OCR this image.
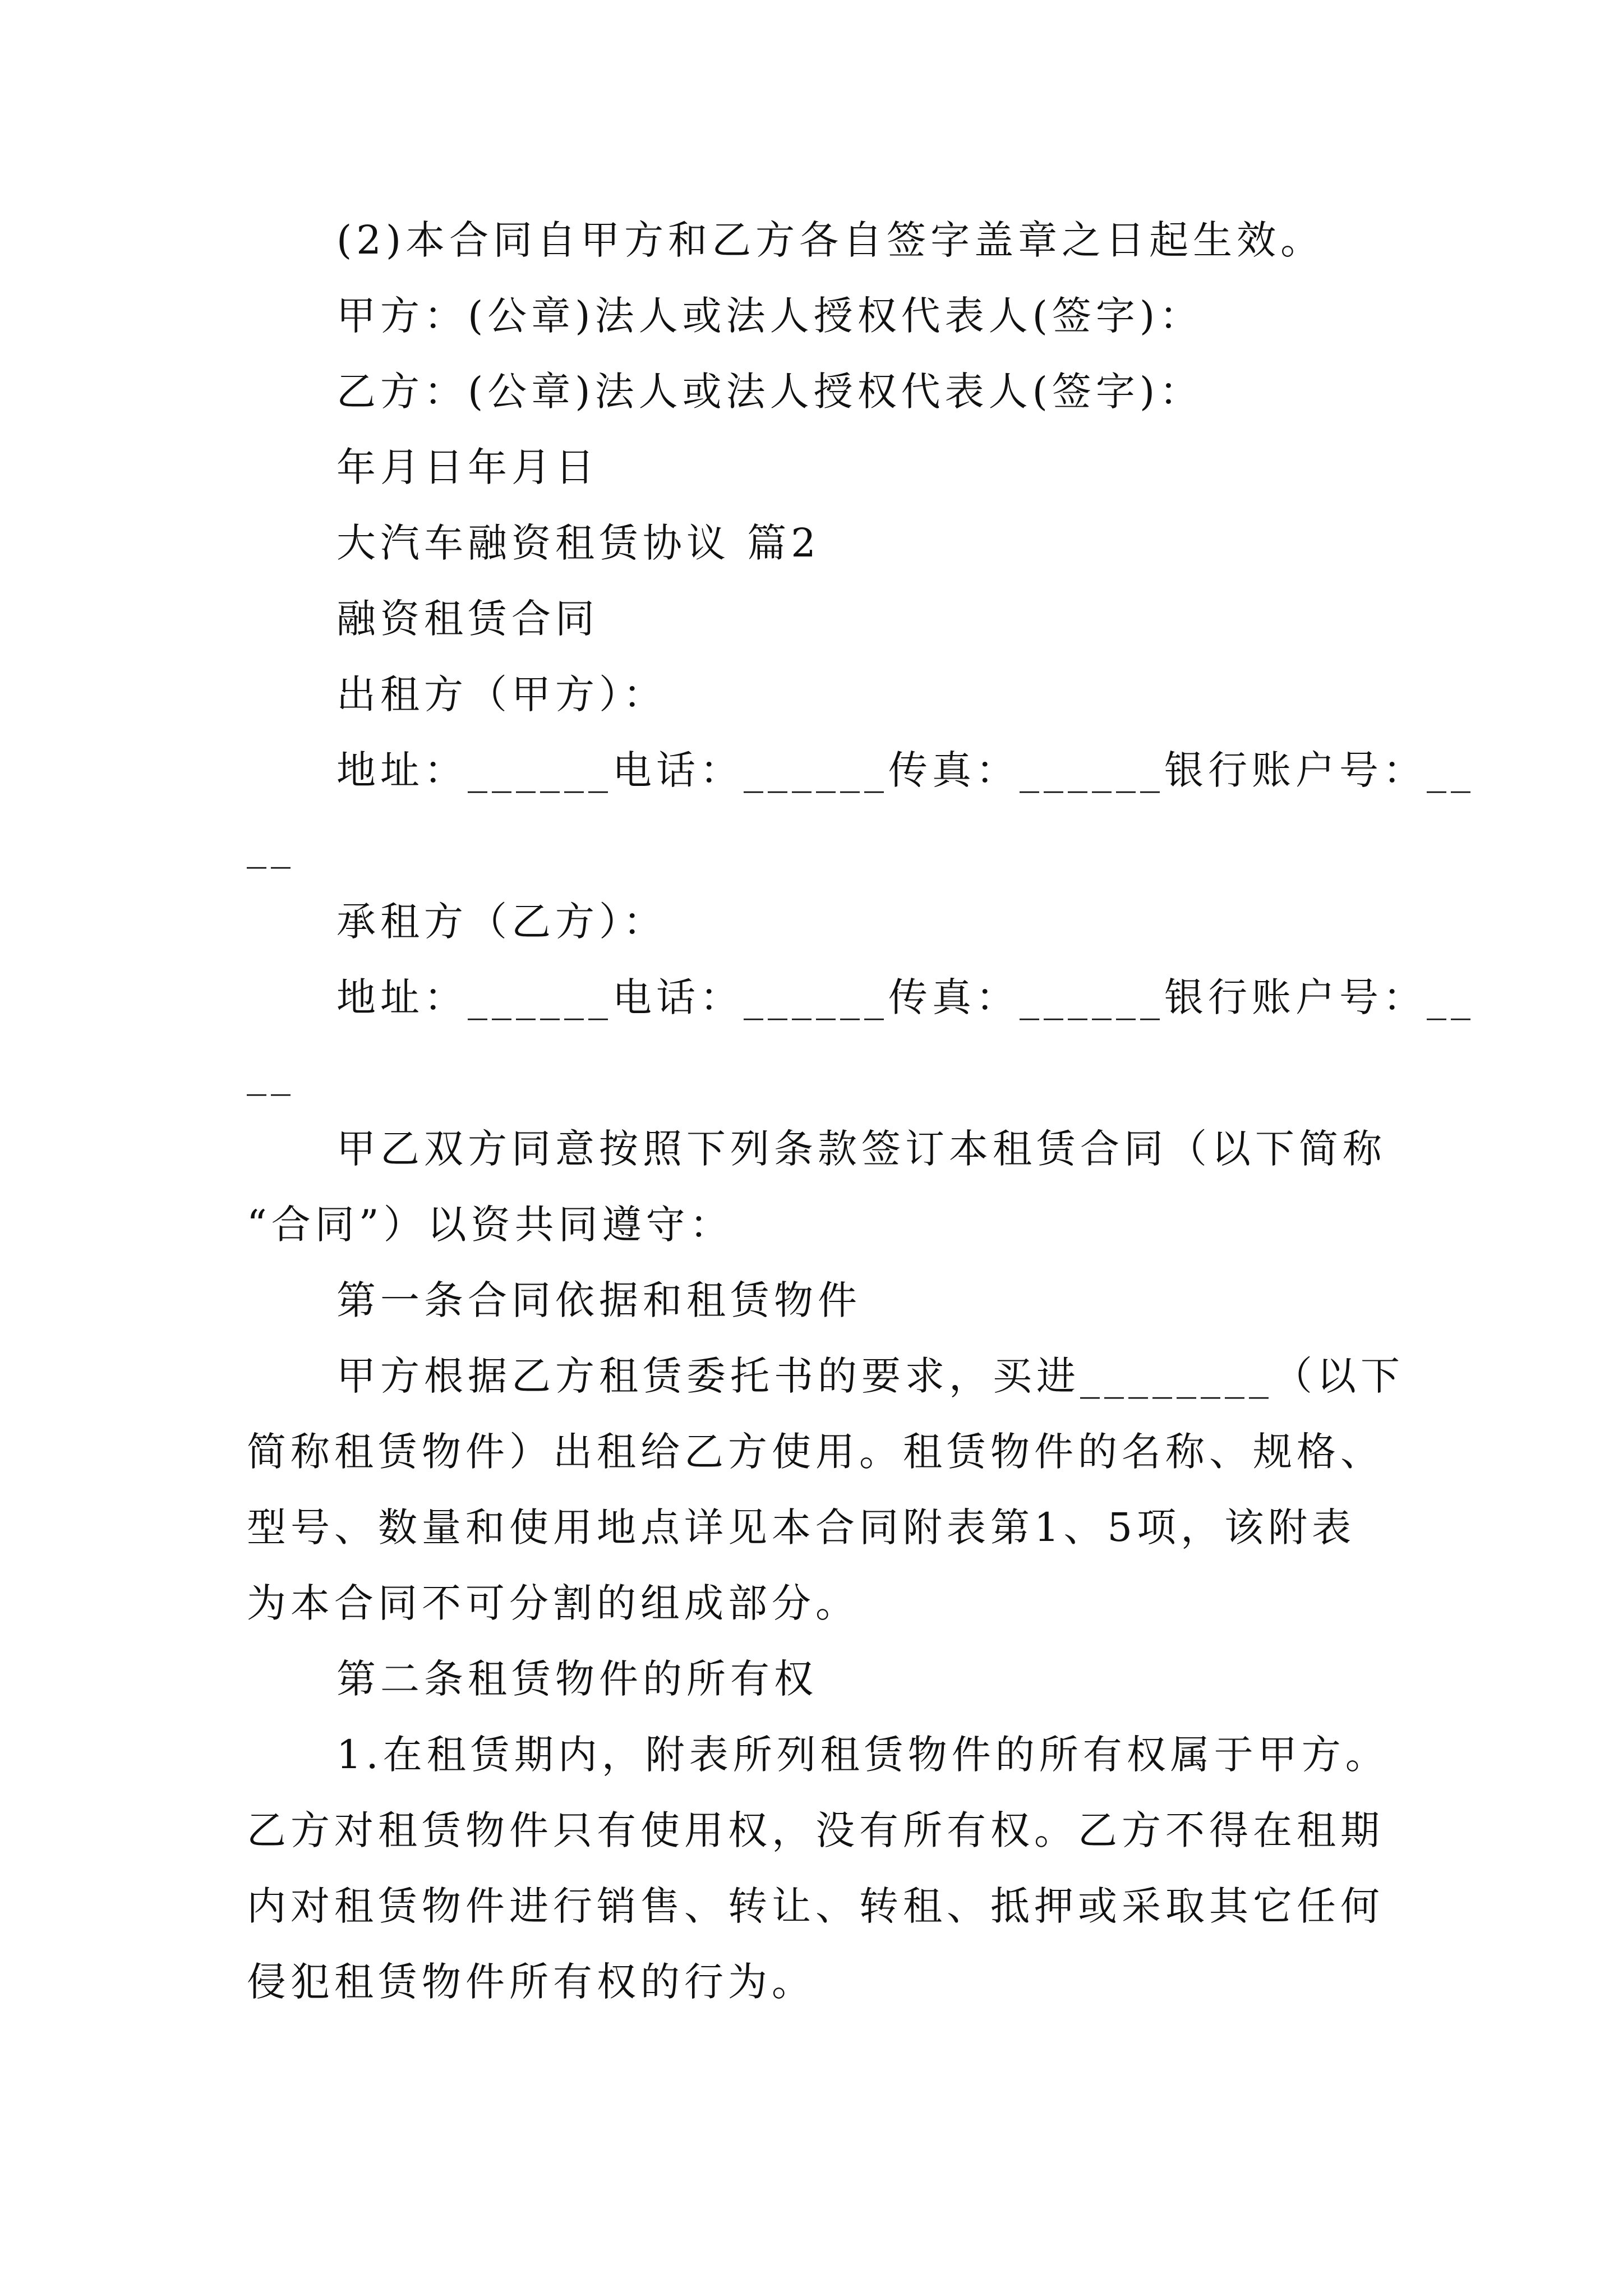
(2)本合同自甲方和乙方各自签字盖章之日起生效。
甲方：(公章)法人或法人授权代表人(签字)：
乙方：(公章)法人或法人授权代表人(签字)：
年月日年月日
大汽车融资租赁协议 篇2
融资租赁合同
出租方（甲方）：
地址：______电话：______传真：______银行账户号：__
__
承租方（乙方）：
地址：______电话：______传真：______银行账户号：__
__
甲乙双方同意按照下列条款签订本租赁合同（以下简称
“合同”）以资共同遵守：
第一条合同依据和租赁物件
甲方根据乙方租赁委托书的要求，买进________（以下
简称租赁物件）出租给乙方使用。租赁物件的名称、规格、
型号、数量和使用地点详见本合同附表第1、5项，该附表
为本合同不可分割的组成部分。
第二条租赁物件的所有权
1.在租赁期内，附表所列租赁物件的所有权属于甲方。
乙方对租赁物件只有使用权，没有所有权。乙方不得在租期
内对租赁物件进行销售、转让、转租、抵押或采取其它任何
侵犯租赁物件所有权的行为。
